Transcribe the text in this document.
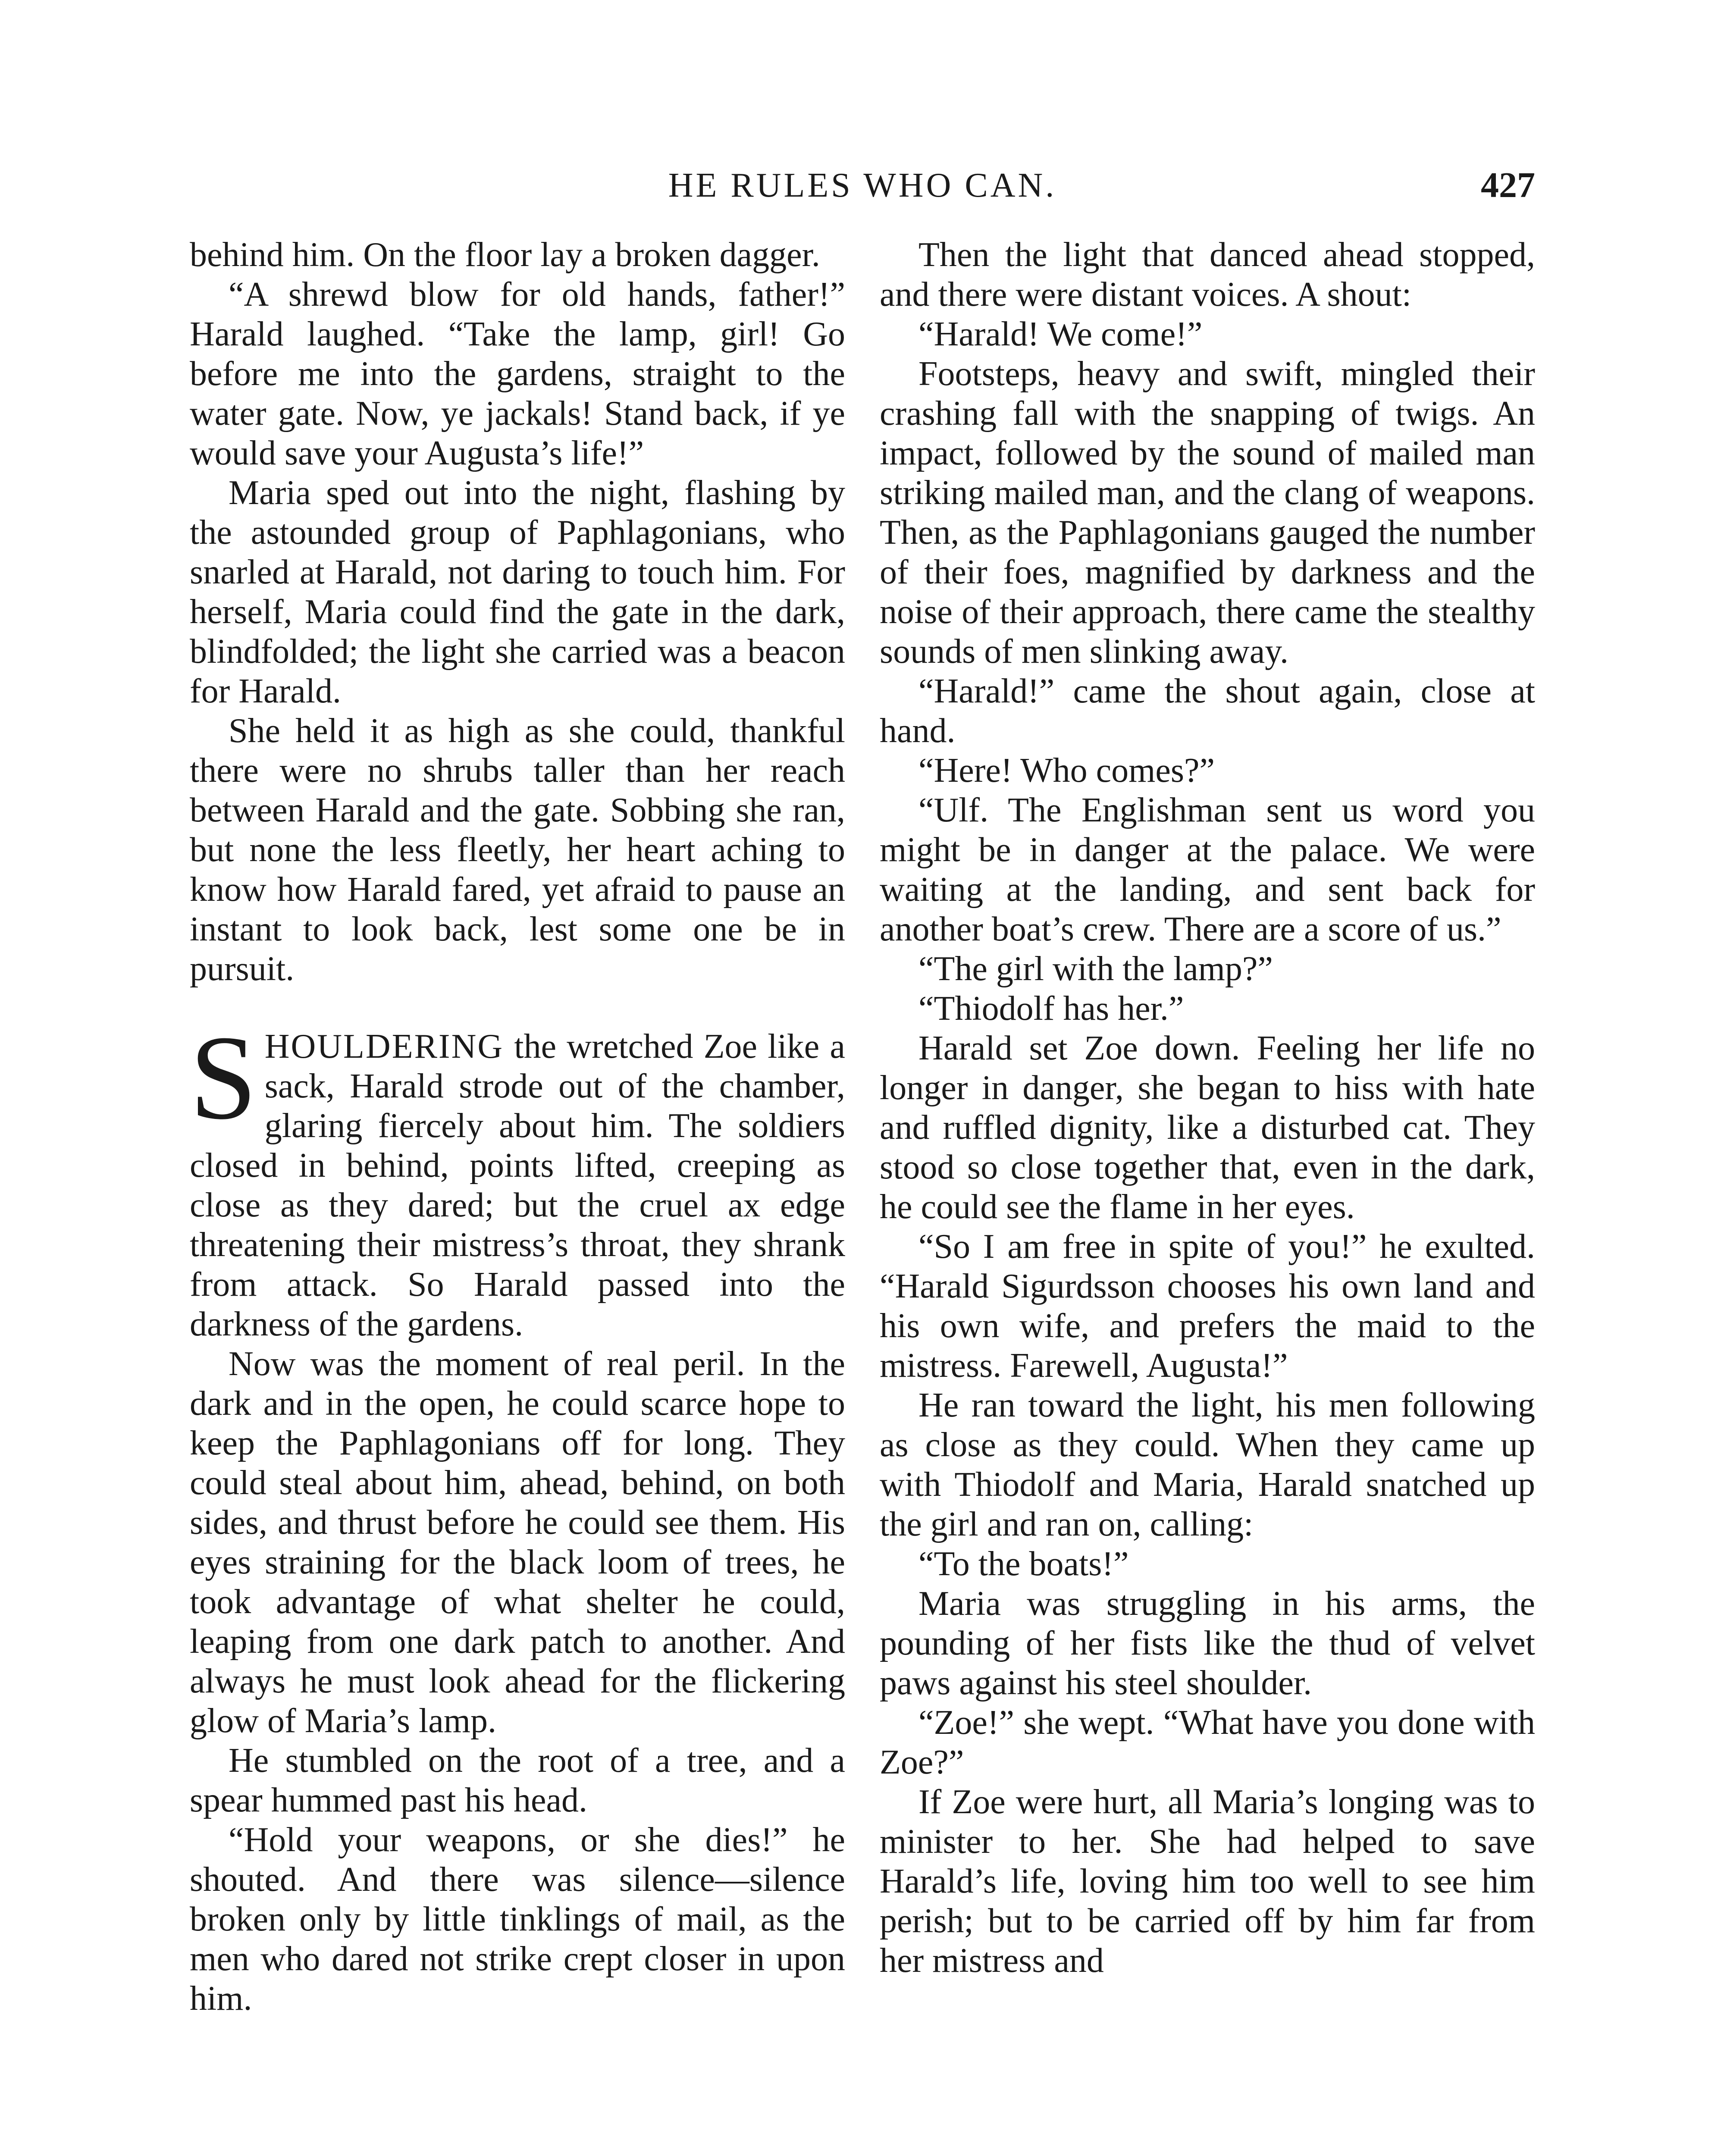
HE RULES WHO CAN.	427

behind him. On the floor lay a broken dagger.

“A shrewd blow for old hands, father!” Harald laughed. “Take the lamp, girl! Go before me into the gardens, straight to the water gate. Now, ye jackals! Stand back, if ye would save your Augusta’s life!”

Maria sped out into the night, flashing by the astounded group of Paphlagonians, who snarled at Harald, not daring to touch him. For herself, Maria could find the gate in the dark, blindfolded; the light she carried was a beacon for Harald.

She held it as high as she could, thankful there were no shrubs taller than her reach between Harald and the gate. Sobbing she ran, but none the less fleetly, her heart aching to know how Harald fared, yet afraid to pause an instant to look back, lest some one be in pursuit.

SHOULDERING the wretched Zoe like a sack, Harald strode out of the chamber, glaring fiercely about him. The soldiers closed in behind, points lifted, creeping as close as they dared; but the cruel ax edge threatening their mistress’s throat, they shrank from attack. So Harald passed into the darkness of the gardens.

Now was the moment of real peril. In the dark and in the open, he could scarce hope to keep the Paphlagonians off for long. They could steal about him, ahead, behind, on both sides, and thrust before he could see them. His eyes straining for the black loom of trees, he took advantage of what shelter he could, leaping from one dark patch to another. And always he must look ahead for the flickering glow of Maria’s lamp.

He stumbled on the root of a tree, and a spear hummed past his head.

“Hold your weapons, or she dies!” he shouted. And there was silence—silence broken only by little tinklings of mail, as the men who dared not strike crept closer in upon him.

Then the light that danced ahead stopped, and there were distant voices. A shout:

“Harald! We come!”

Footsteps, heavy and swift, mingled their crashing fall with the snapping of twigs. An impact, followed by the sound of mailed man striking mailed man, and the clang of weapons. Then, as the Paphlagonians gauged the number of their foes, magnified by darkness and the noise of their approach, there came the stealthy sounds of men slinking away.

“Harald!” came the shout again, close at hand.

“Here! Who comes?”

“Ulf. The Englishman sent us word you might be in danger at the palace. We were waiting at the landing, and sent back for another boat’s crew. There are a score of us.”

“The girl with the lamp?”

“Thiodolf has her.”

Harald set Zoe down. Feeling her life no longer in danger, she began to hiss with hate and ruffled dignity, like a disturbed cat. They stood so close together that, even in the dark, he could see the flame in her eyes.

“So I am free in spite of you!” he exulted. “Harald Sigurdsson chooses his own land and his own wife, and prefers the maid to the mistress. Farewell, Augusta!”

He ran toward the light, his men following as close as they could. When they came up with Thiodolf and Maria, Harald snatched up the girl and ran on, calling:

“To the boats!”

Maria was struggling in his arms, the pounding of her fists like the thud of velvet paws against his steel shoulder.

“Zoe!” she wept. “What have you done with Zoe?”

If Zoe were hurt, all Maria’s longing was to minister to her. She had helped to save Harald’s life, loving him too well to see him perish; but to be carried off by him far from her mistress and
